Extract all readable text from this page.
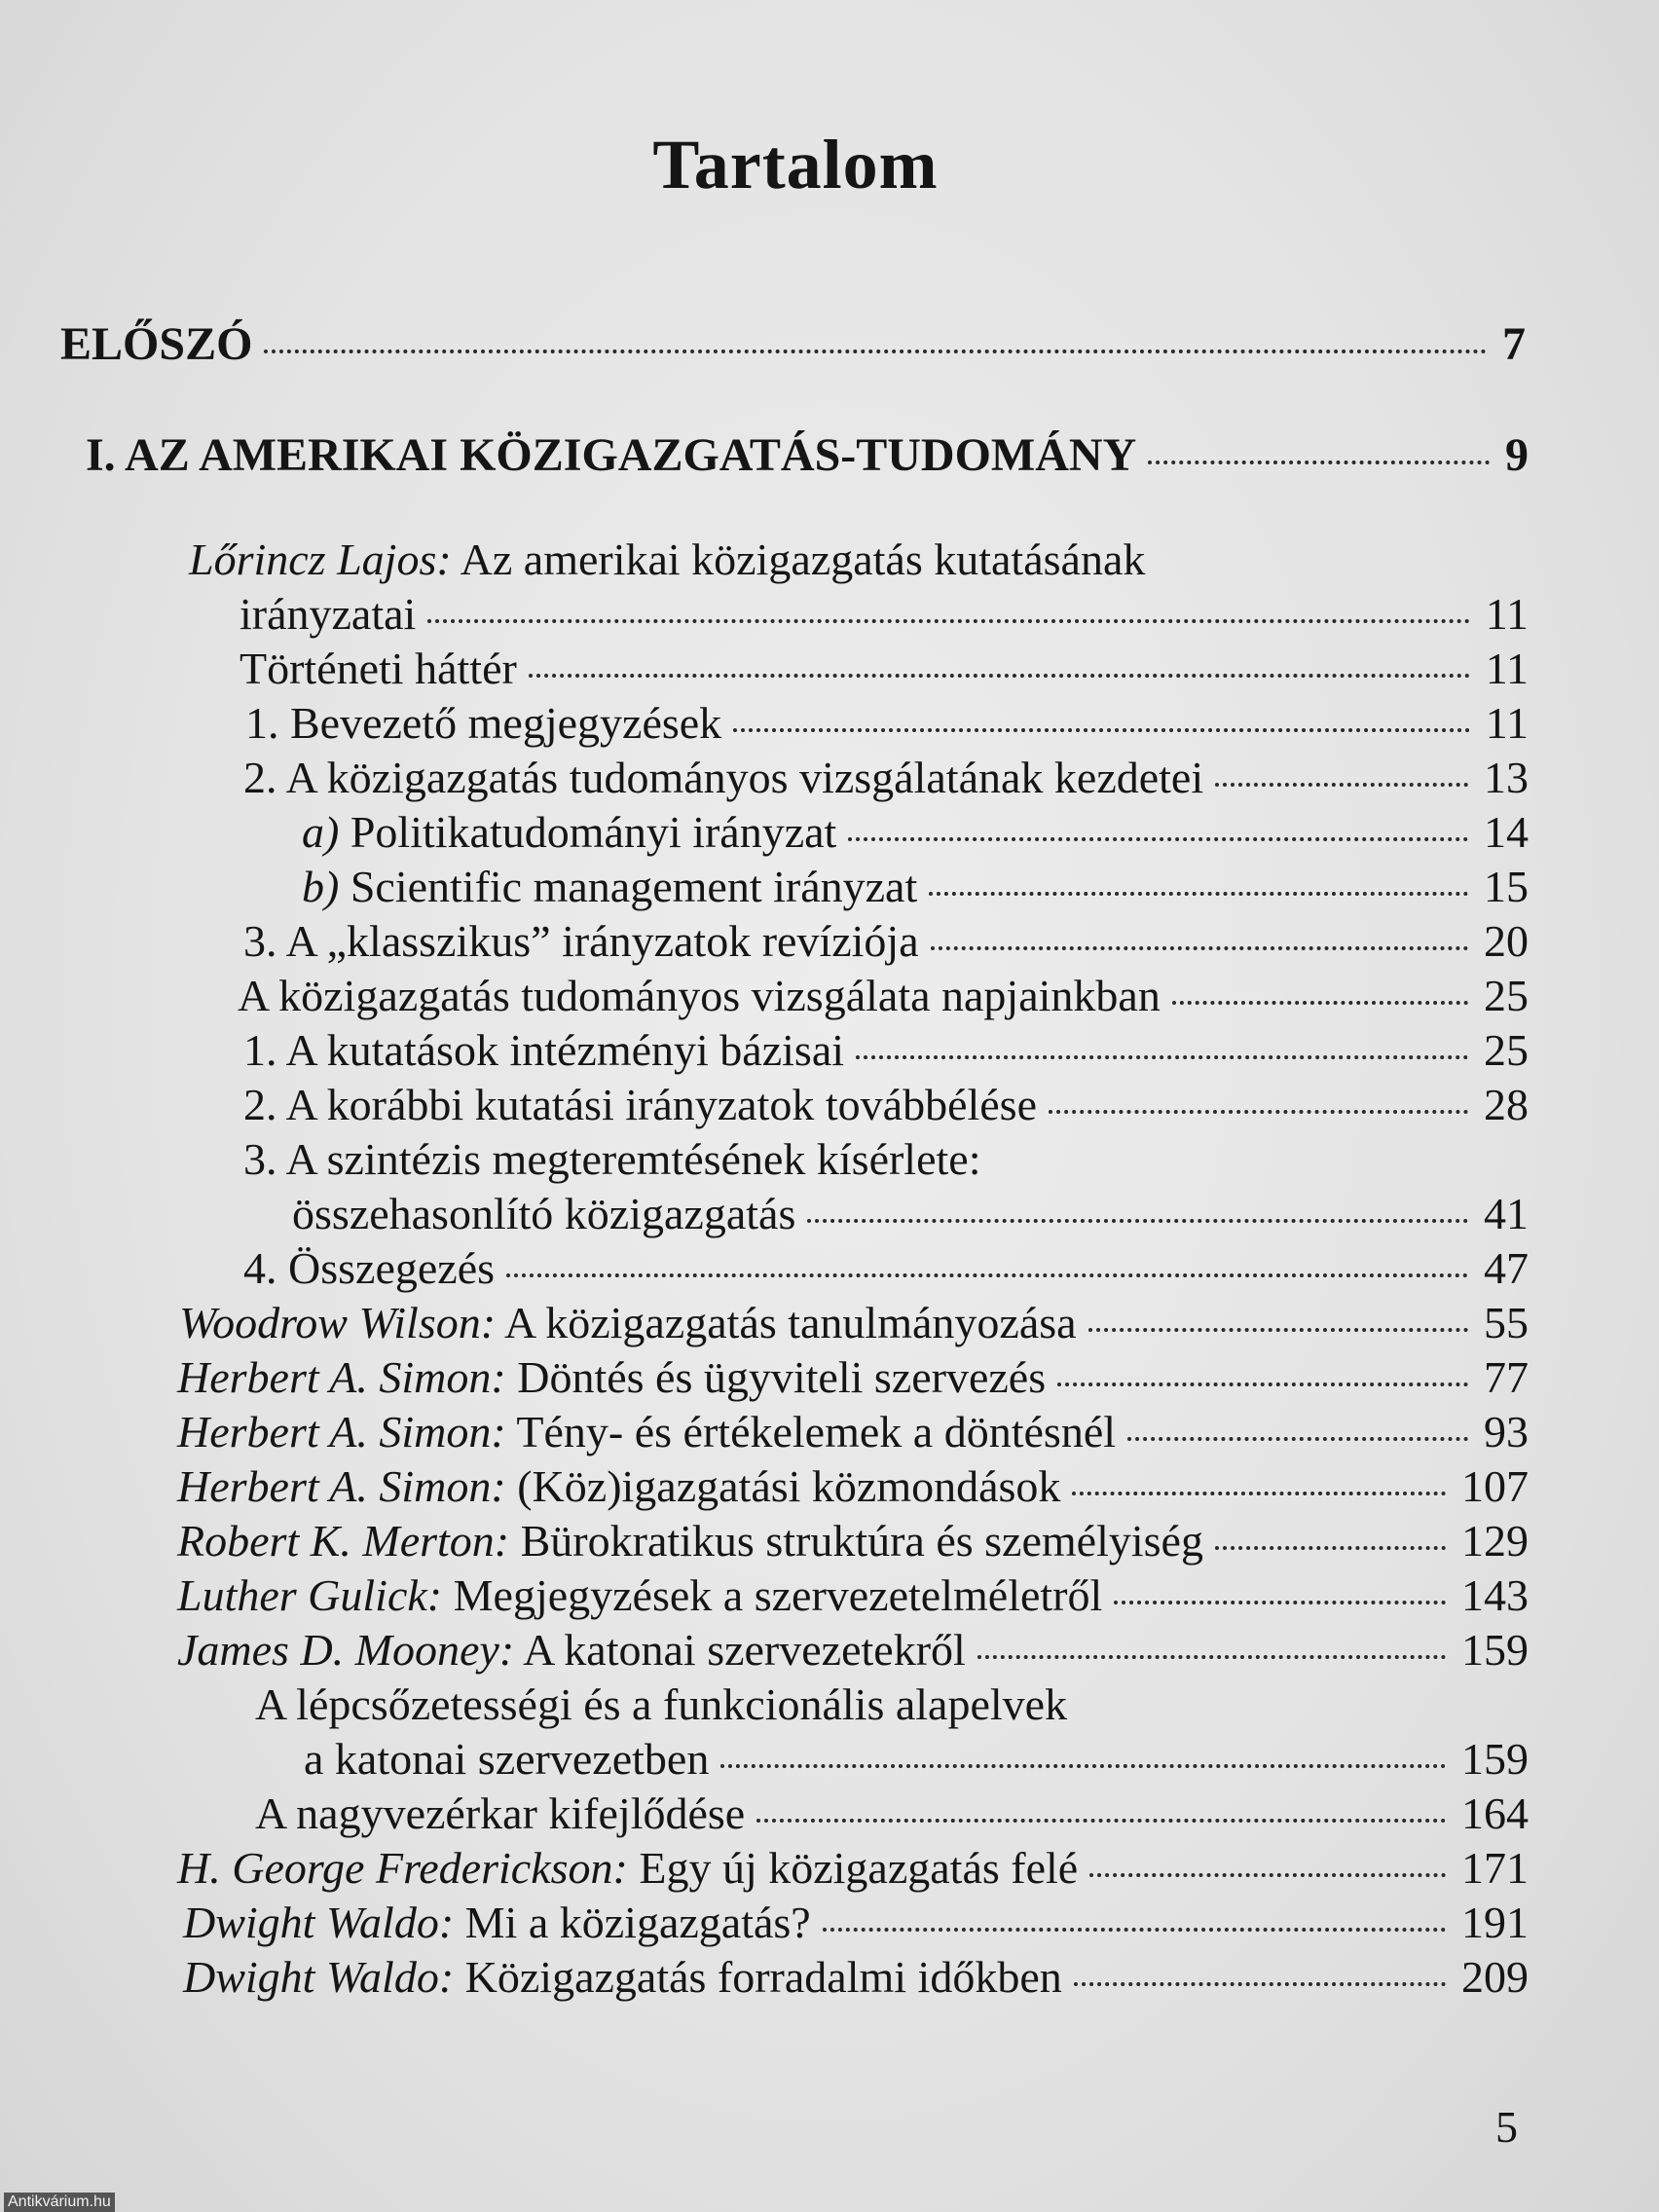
Tartalom
ELŐSZÓ	7
I. AZ AMERIKAI KÖZIGAZGATÁS-TUDOMÁNY	9
Lőrincz Lajos: Az amerikai közigazgatás kutatásának
irányzatai	11
Történeti háttér	11
1. Bevezető megjegyzések	11
2. A közigazgatás tudományos vizsgálatának kezdetei	13
a) Politikatudományi irányzat	14
b) Scientific management irányzat	15
3. A „klasszikus” irányzatok revíziója	20
A közigazgatás tudományos vizsgálata napjainkban	25
1. A kutatások intézményi bázisai	25
2. A korábbi kutatási irányzatok továbbélése	28
3. A szintézis megteremtésének kísérlete:
összehasonlító közigazgatás	41
4. Összegezés	47
Woodrow Wilson: A közigazgatás tanulmányozása	55
Herbert A. Simon: Döntés és ügyviteli szervezés	77
Herbert A. Simon: Tény- és értékelemek a döntésnél	93
Herbert A. Simon: (Köz)igazgatási közmondások	107
Robert K. Merton: Bürokratikus struktúra és személyiség	129
Luther Gulick: Megjegyzések a szervezetelméletről	143
James D. Mooney: A katonai szervezetekről	159
A lépcsőzetességi és a funkcionális alapelvek
a katonai szervezetben	159
A nagyvezérkar kifejlődése	164
H. George Frederickson: Egy új közigazgatás felé	171
Dwight Waldo: Mi a közigazgatás?	191
Dwight Waldo: Közigazgatás forradalmi időkben	209
5
Antikvárium.hu
